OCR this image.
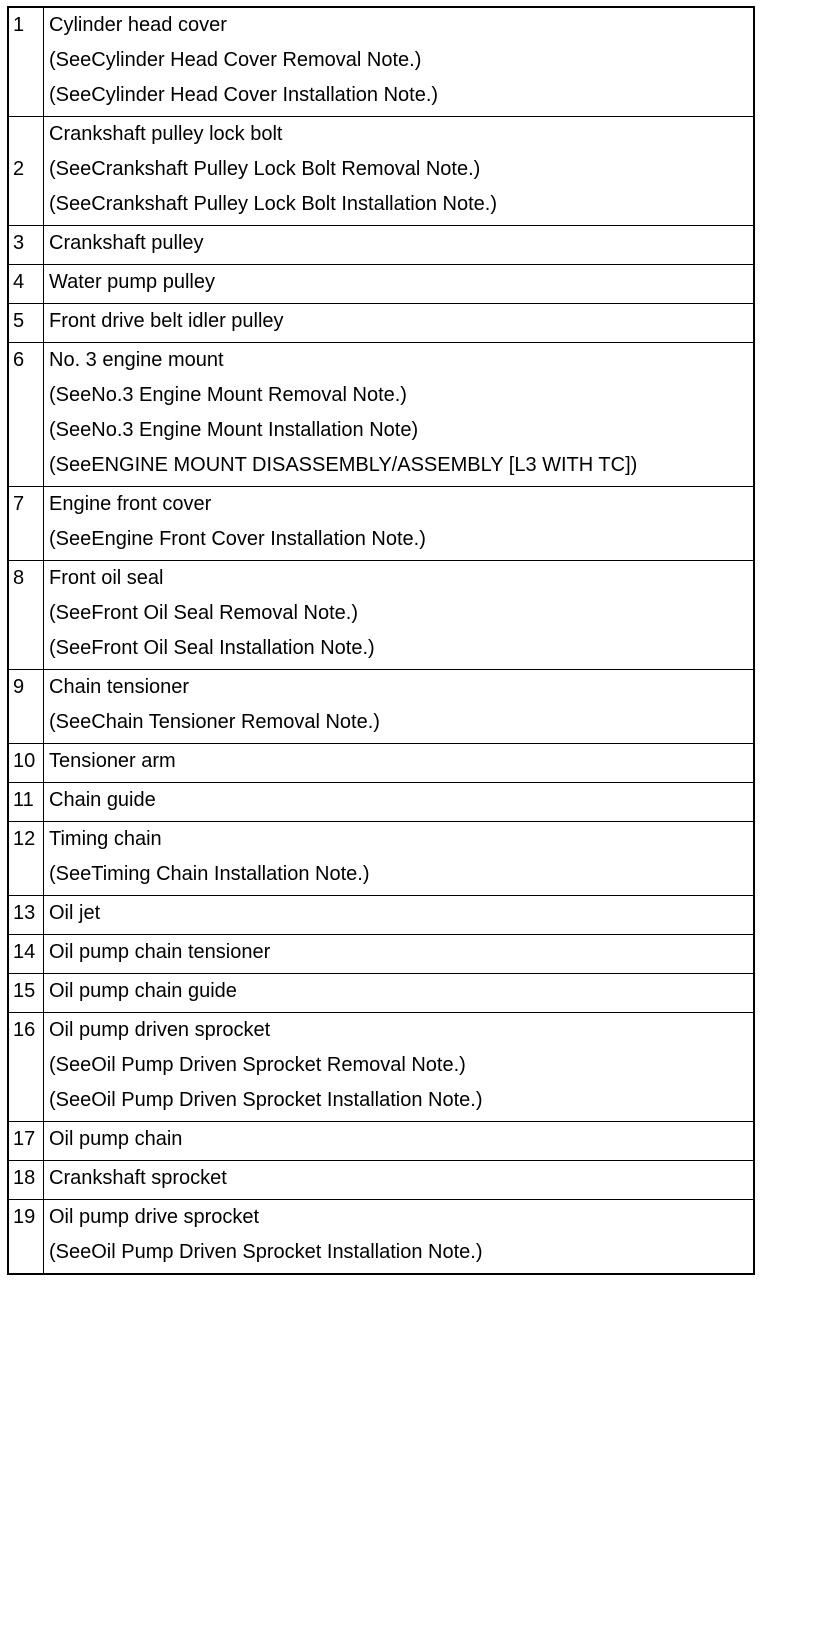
1	Cylinder head cover
(SeeCylinder Head Cover Removal Note.)
(SeeCylinder Head Cover Installation Note.)

2	Crankshaft pulley lock bolt
(SeeCrankshaft Pulley Lock Bolt Removal Note.)
(SeeCrankshaft Pulley Lock Bolt Installation Note.)

3	Crankshaft pulley

4	Water pump pulley

5	Front drive belt idler pulley

6	No. 3 engine mount
(SeeNo.3 Engine Mount Removal Note.)
(SeeNo.3 Engine Mount Installation Note)
(SeeENGINE MOUNT DISASSEMBLY/ASSEMBLY [L3 WITH TC])

7	Engine front cover
(SeeEngine Front Cover Installation Note.)

8	Front oil seal
(SeeFront Oil Seal Removal Note.)
(SeeFront Oil Seal Installation Note.)

9	Chain tensioner
(SeeChain Tensioner Removal Note.)

10	Tensioner arm

11	Chain guide

12	Timing chain
(SeeTiming Chain Installation Note.)

13	Oil jet

14	Oil pump chain tensioner

15	Oil pump chain guide

16	Oil pump driven sprocket
(SeeOil Pump Driven Sprocket Removal Note.)
(SeeOil Pump Driven Sprocket Installation Note.)

17	Oil pump chain

18	Crankshaft sprocket

19	Oil pump drive sprocket
(SeeOil Pump Driven Sprocket Installation Note.)
